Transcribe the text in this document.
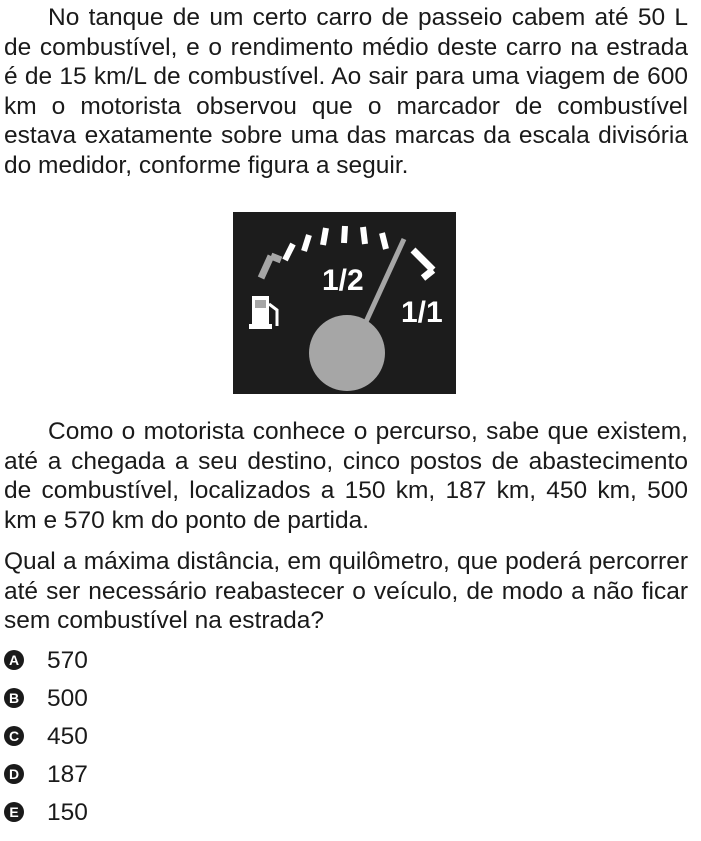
No tanque de um certo carro de passeio cabem até 50 L de combustível, e o rendimento médio deste carro na estrada é de 15 km/L de combustível. Ao sair para uma viagem de 600 km o motorista observou que o marcador de combustível estava exatamente sobre uma das marcas da escala divisória do medidor, conforme figura a seguir.

1/2
1/1

Como o motorista conhece o percurso, sabe que existem, até a chegada a seu destino, cinco postos de abastecimento de combustível, localizados a 150 km, 187 km, 450 km, 500 km e 570 km do ponto de partida.

Qual a máxima distância, em quilômetro, que poderá percorrer até ser necessário reabastecer o veículo, de modo a não ficar sem combustível na estrada?

A 570
B 500
C 450
D 187
E 150
